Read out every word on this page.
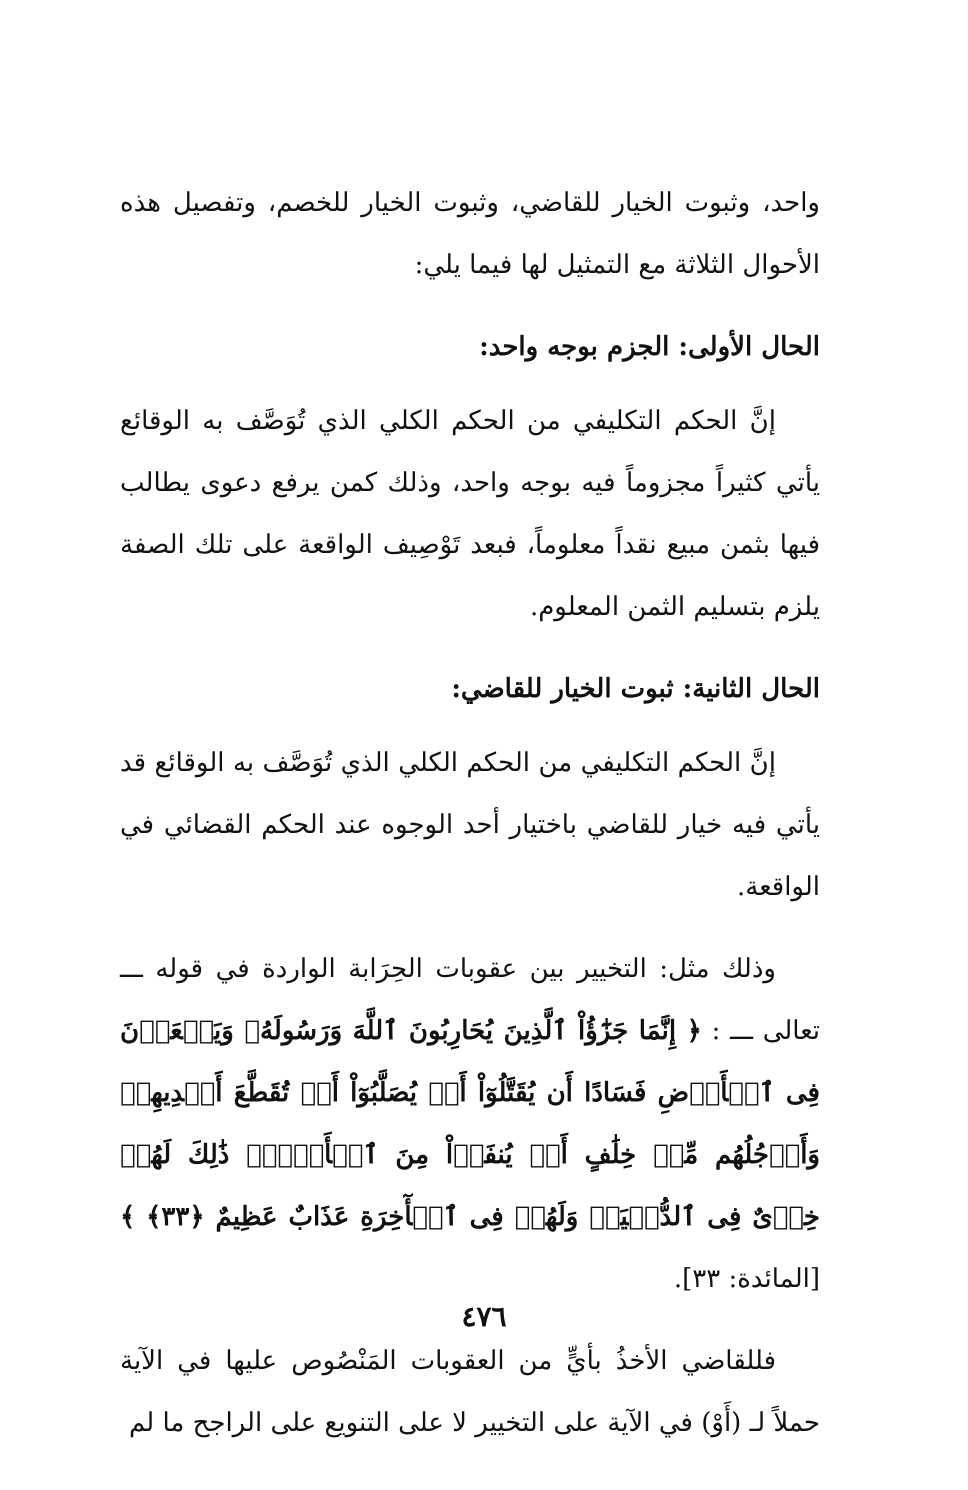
واحد، وثبوت الخيار للقاضي، وثبوت الخيار للخصم، وتفصيل هذه الأحوال الثلاثة مع التمثيل لها فيما يلي:

الحال الأولى: الجزم بوجه واحد:

إنَّ الحكم التكليفي من الحكم الكلي الذي تُوَصَّف به الوقائع يأتي كثيراً مجزوماً فيه بوجه واحد، وذلك كمن يرفع دعوى يطالب فيها بثمن مبيع نقداً معلوماً، فبعد تَوْصِيف الواقعة على تلك الصفة يلزم بتسليم الثمن المعلوم.

الحال الثانية: ثبوت الخيار للقاضي:

إنَّ الحكم التكليفي من الحكم الكلي الذي تُوَصَّف به الوقائع قد يأتي فيه خيار للقاضي باختيار أحد الوجوه عند الحكم القضائي في الواقعة.

وذلك مثل: التخيير بين عقوبات الحِرَابة الواردة في قوله ـــ تعالى ـــ : ﴿ إِنَّمَا جَزَٰٓؤُاْ ٱلَّذِينَ يُحَارِبُونَ ٱللَّهَ وَرَسُولَهُۥ وَيَسۡعَوۡنَ فِى ٱلۡأَرۡضِ فَسَادًا أَن يُقَتَّلُوٓاْ أَوۡ يُصَلَّبُوٓاْ أَوۡ تُقَطَّعَ أَيۡدِيهِمۡ وَأَرۡجُلُهُم مِّنۡ خِلَٰفٍ أَوۡ يُنفَوۡاْ مِنَ ٱلۡأَرۡضِۚ ذَٰلِكَ لَهُمۡ خِزۡىٌ فِى ٱلدُّنۡيَاۖ وَلَهُمۡ فِى ٱلۡأٓخِرَةِ عَذَابٌ عَظِيمٌ ﴿٣٣﴾ ﴾ [المائدة: ٣٣].

فللقاضي الأخذُ بأيٍّ من العقوبات المَنْصُوص عليها في الآية حملاً لـ (أَوْ) في الآية على التخيير لا على التنويع على الراجح ما لم

٤٧٦
